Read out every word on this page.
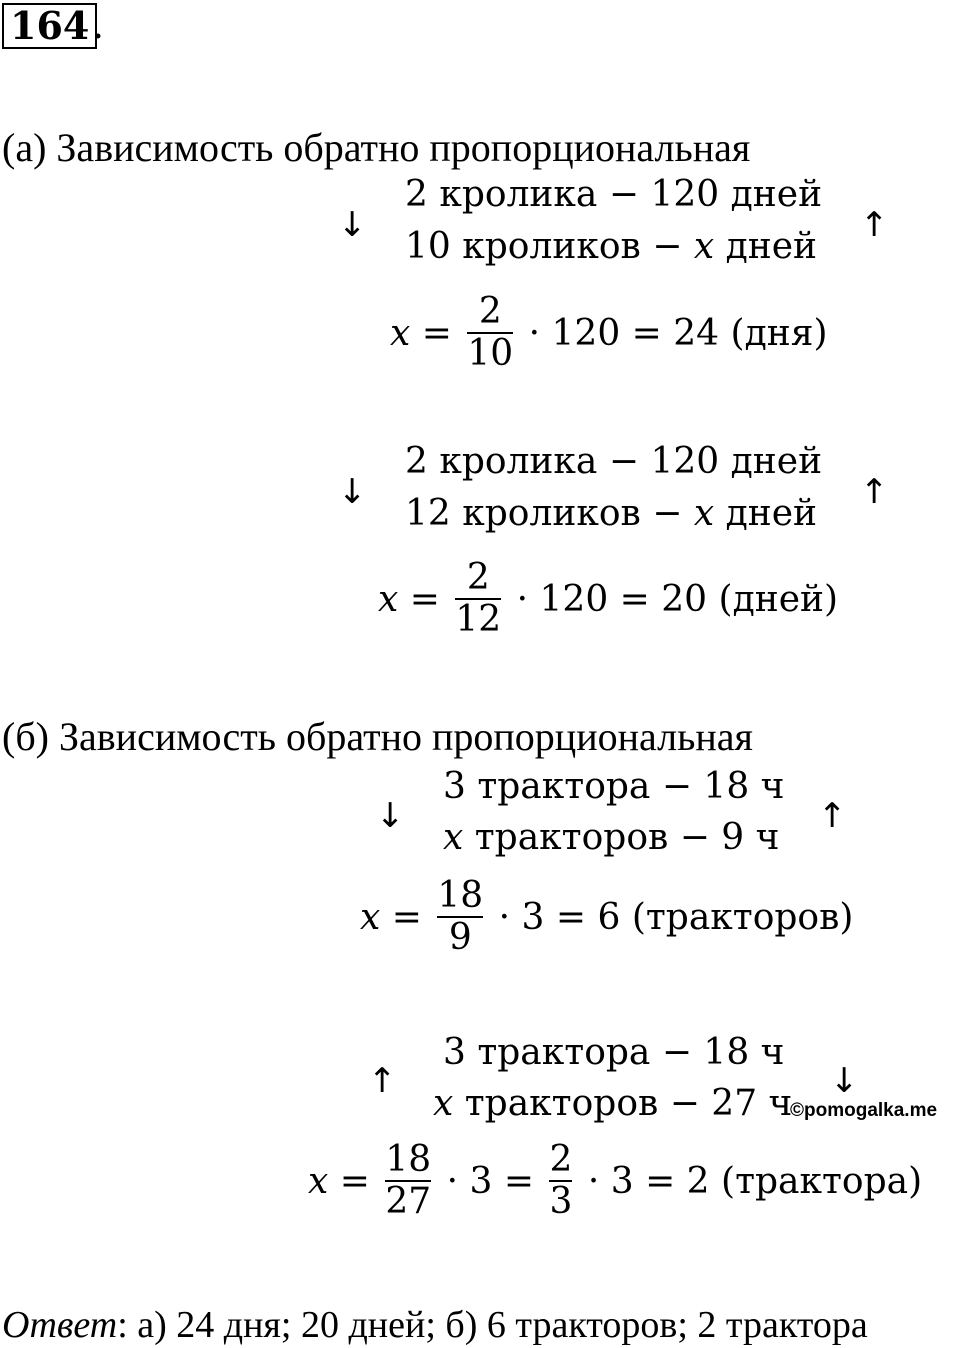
164 .
(а) Зависимость обратно пропорциональная
↓	↑
2 кролика − 120 дней
10 кроликов − x дней
$x = \frac{2}{10} \cdot 120 = 24$ (дня)
↓	↑
2 кролика − 120 дней
12 кроликов − x дней
$x = \frac{2}{12} \cdot 120 = 20$ (дней)
(б) Зависимость обратно пропорциональная
↓	↑
3 трактора − 18 ч
x тракторов − 9 ч
$x = \frac{18}{9} \cdot 3 = 6$ (тракторов)
↑	↓
3 трактора − 18 ч
x тракторов − 27 ч
©pomogalka.me
$x = \frac{18}{27} \cdot 3 = \frac{2}{3} \cdot 3 = 2$ (трактора)
Ответ: а) 24 дня; 20 дней; б) 6 тракторов; 2 трактора
